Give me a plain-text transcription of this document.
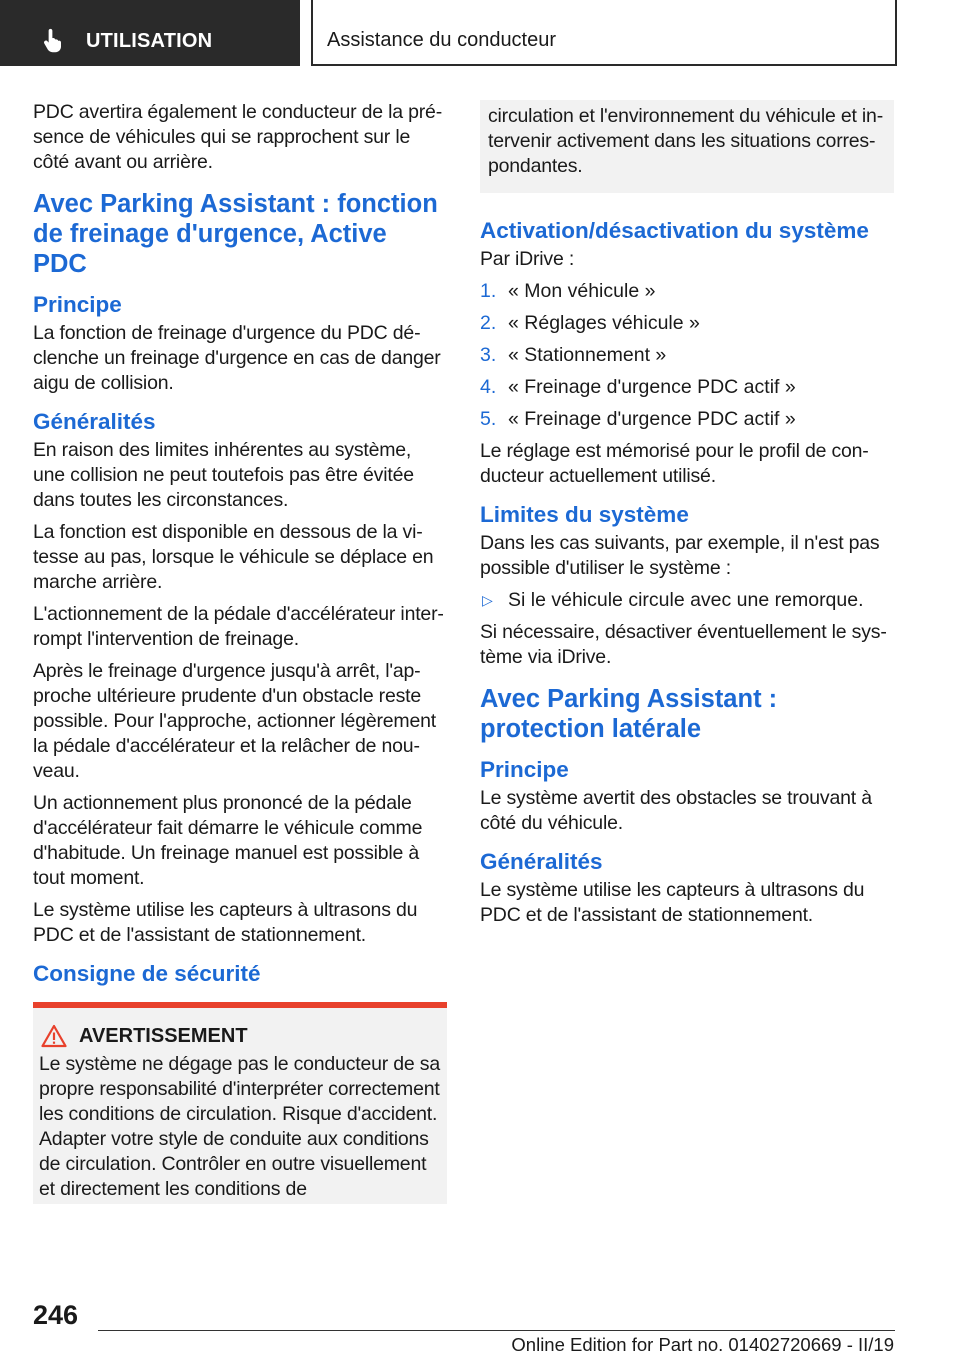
UTILISATION	Assistance du conducteur

PDC avertira également le conducteur de la présence de véhicules qui se rapprochent sur le côté avant ou arrière.

Avec Parking Assistant : fonction de freinage d'urgence, Active PDC
Principe

La fonction de freinage d'urgence du PDC déclenche un freinage d'urgence en cas de danger aigu de collision.

Généralités

En raison des limites inhérentes au système, une collision ne peut toutefois pas être évitée dans toutes les circonstances.

La fonction est disponible en dessous de la vitesse au pas, lorsque le véhicule se déplace en marche arrière.

L'actionnement de la pédale d'accélérateur interrompt l'intervention de freinage.

Après le freinage d'urgence jusqu'à arrêt, l'approche ultérieure prudente d'un obstacle reste possible. Pour l'approche, actionner légèrement la pédale d'accélérateur et la relâcher de nouveau.

Un actionnement plus prononcé de la pédale d'accélérateur fait démarre le véhicule comme d'habitude. Un freinage manuel est possible à tout moment.

Le système utilise les capteurs à ultrasons du PDC et de l'assistant de stationnement.

Consigne de sécurité
AVERTISSEMENT

Le système ne dégage pas le conducteur de sa propre responsabilité d'interpréter correctement les conditions de circulation. Risque d'accident. Adapter votre style de conduite aux conditions de circulation. Contrôler en outre visuellement et directement les conditions de

circulation et l'environnement du véhicule et intervenir activement dans les situations correspondantes.

Activation/désactivation du système

Par iDrive :

1. « Mon véhicule »
2. « Réglages véhicule »
3. « Stationnement »
4. « Freinage d'urgence PDC actif »
5. « Freinage d'urgence PDC actif »

Le réglage est mémorisé pour le profil de conducteur actuellement utilisé.

Limites du système

Dans les cas suivants, par exemple, il n'est pas possible d'utiliser le système :

▷ Si le véhicule circule avec une remorque.

Si nécessaire, désactiver éventuellement le système via iDrive.

Avec Parking Assistant : protection latérale
Principe

Le système avertit des obstacles se trouvant à côté du véhicule.

Généralités

Le système utilise les capteurs à ultrasons du PDC et de l'assistant de stationnement.

246
Online Edition for Part no. 01402720669 - II/19
